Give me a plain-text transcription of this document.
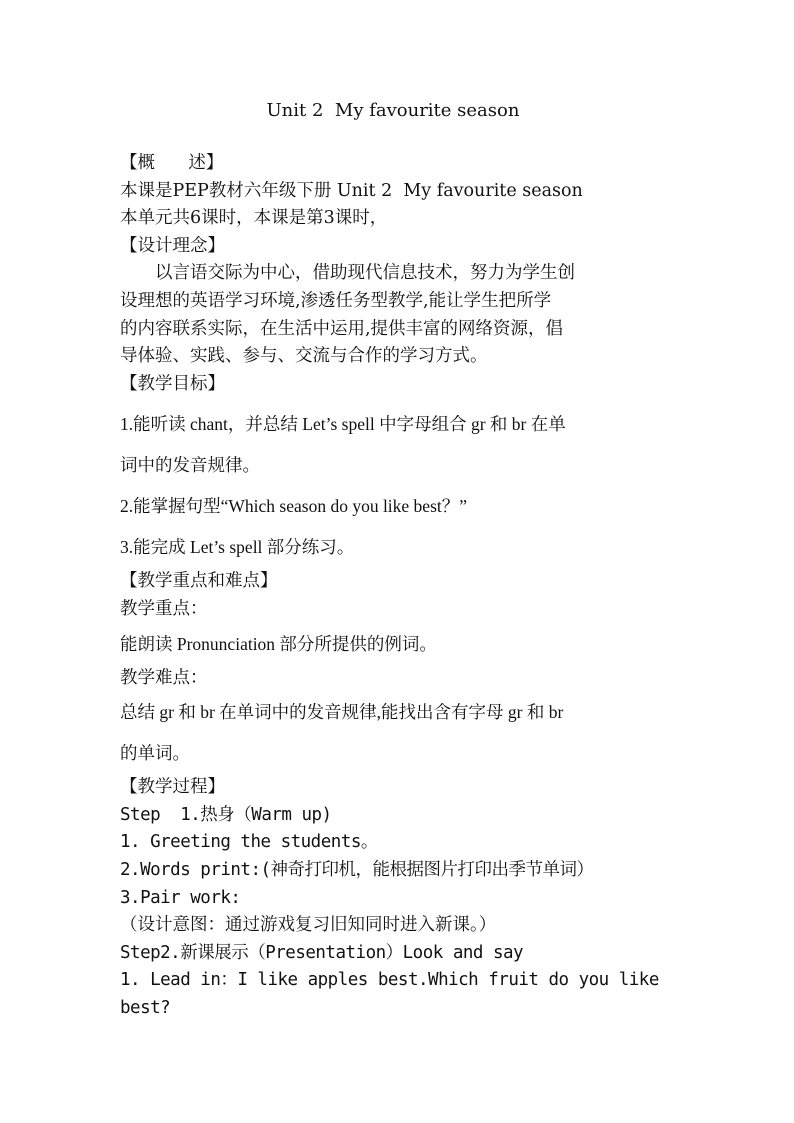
Unit 2  My favourite season
【概      述】
本课是PEP教材六年级下册 Unit 2  My favourite season
本单元共6课时，本课是第3课时，
【设计理念】
以言语交际为中心，借助现代信息技术，努力为学生创
设理想的英语学习环境,渗透任务型教学,能让学生把所学
的内容联系实际，在生活中运用,提供丰富的网络资源，倡
导体验、实践、参与、交流与合作的学习方式。
【教学目标】
1.能听读 chant，并总结 Let’s spell 中字母组合 gr 和 br 在单
词中的发音规律。
2.能掌握句型“Which season do you like best？”
3.能完成 Let’s spell 部分练习。
【教学重点和难点】
教学重点：
能朗读 Pronunciation 部分所提供的例词。
教学难点：
总结 gr 和 br 在单词中的发音规律,能找出含有字母 gr 和 br
的单词。
【教学过程】
Step  1.热身（Warm up)
1. Greeting the students。
2.Words print:(神奇打印机，能根据图片打印出季节单词）
3.Pair work:
（设计意图：通过游戏复习旧知同时进入新课。）
Step2.新课展示（Presentation）Look and say
1. Lead in：I like apples best.Which fruit do you like
best?
